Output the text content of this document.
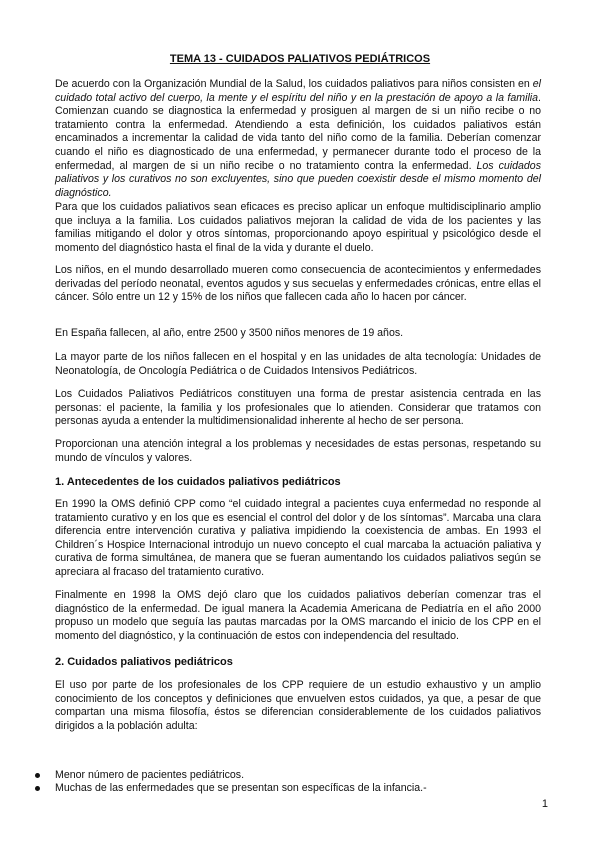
TEMA 13 - CUIDADOS PALIATIVOS PEDIÁTRICOS

De acuerdo con la Organización Mundial de la Salud, los cuidados paliativos para niños consisten en el cuidado total activo del cuerpo, la mente y el espíritu del niño y en la prestación de apoyo a la familia. Comienzan cuando se diagnostica la enfermedad y prosiguen al margen de si un niño recibe o no tratamiento contra la enfermedad. Atendiendo a esta definición, los cuidados paliativos están encaminados a incrementar la calidad de vida tanto del niño como de la familia. Deberían comenzar cuando el niño es diagnosticado de una enfermedad, y permanecer durante todo el proceso de la enfermedad, al margen de si un niño recibe o no tratamiento contra la enfermedad. Los cuidados paliativos y los curativos no son excluyentes, sino que pueden coexistir desde el mismo momento del diagnóstico.

Para que los cuidados paliativos sean eficaces es preciso aplicar un enfoque multidisciplinario amplio que incluya a la familia. Los cuidados paliativos mejoran la calidad de vida de los pacientes y las familias mitigando el dolor y otros síntomas, proporcionando apoyo espiritual y psicológico desde el momento del diagnóstico hasta el final de la vida y durante el duelo.

Los niños, en el mundo desarrollado mueren como consecuencia de acontecimientos y enfermedades derivadas del período neonatal, eventos agudos y sus secuelas y enfermedades crónicas, entre ellas el cáncer. Sólo entre un 12 y 15% de los niños que fallecen cada año lo hacen por cáncer.

En España fallecen, al año, entre 2500 y 3500 niños menores de 19 años.

La mayor parte de los niños fallecen en el hospital y en las unidades de alta tecnología: Unidades de Neonatología, de Oncología Pediátrica o de Cuidados Intensivos Pediátricos.

Los Cuidados Paliativos Pediátricos constituyen una forma de prestar asistencia centrada en las personas: el paciente, la familia y los profesionales que lo atienden. Considerar que tratamos con personas ayuda a entender la multidimensionalidad inherente al hecho de ser persona.

Proporcionan una atención integral a los problemas y necesidades de estas personas, respetando su mundo de vínculos y valores.

1. Antecedentes de los cuidados paliativos pediátricos

En 1990 la OMS definió CPP como “el cuidado integral a pacientes cuya enfermedad no responde al tratamiento curativo y en los que es esencial el control del dolor y de los síntomas”. Marcaba una clara diferencia entre intervención curativa y paliativa impidiendo la coexistencia de ambas. En 1993 el Children´s Hospice Internacional introdujo un nuevo concepto el cual marcaba la actuación paliativa y curativa de forma simultánea, de manera que se fueran aumentando los cuidados paliativos según se apreciara al fracaso del tratamiento curativo.

Finalmente en 1998 la OMS dejó claro que los cuidados paliativos deberían comenzar tras el diagnóstico de la enfermedad. De igual manera la Academia Americana de Pediatría en el año 2000 propuso un modelo que seguía las pautas marcadas por la OMS marcando el inicio de los CPP en el momento del diagnóstico, y la continuación de estos con independencia del resultado.

2. Cuidados paliativos pediátricos

El uso por parte de los profesionales de los CPP requiere de un estudio exhaustivo y un amplio conocimiento de los conceptos y definiciones que envuelven estos cuidados, ya que, a pesar de que compartan una misma filosofía, éstos se diferencian considerablemente de los cuidados paliativos dirigidos a la población adulta:

Menor número de pacientes pediátricos.
Muchas de las enfermedades que se presentan son específicas de la infancia.-
1
